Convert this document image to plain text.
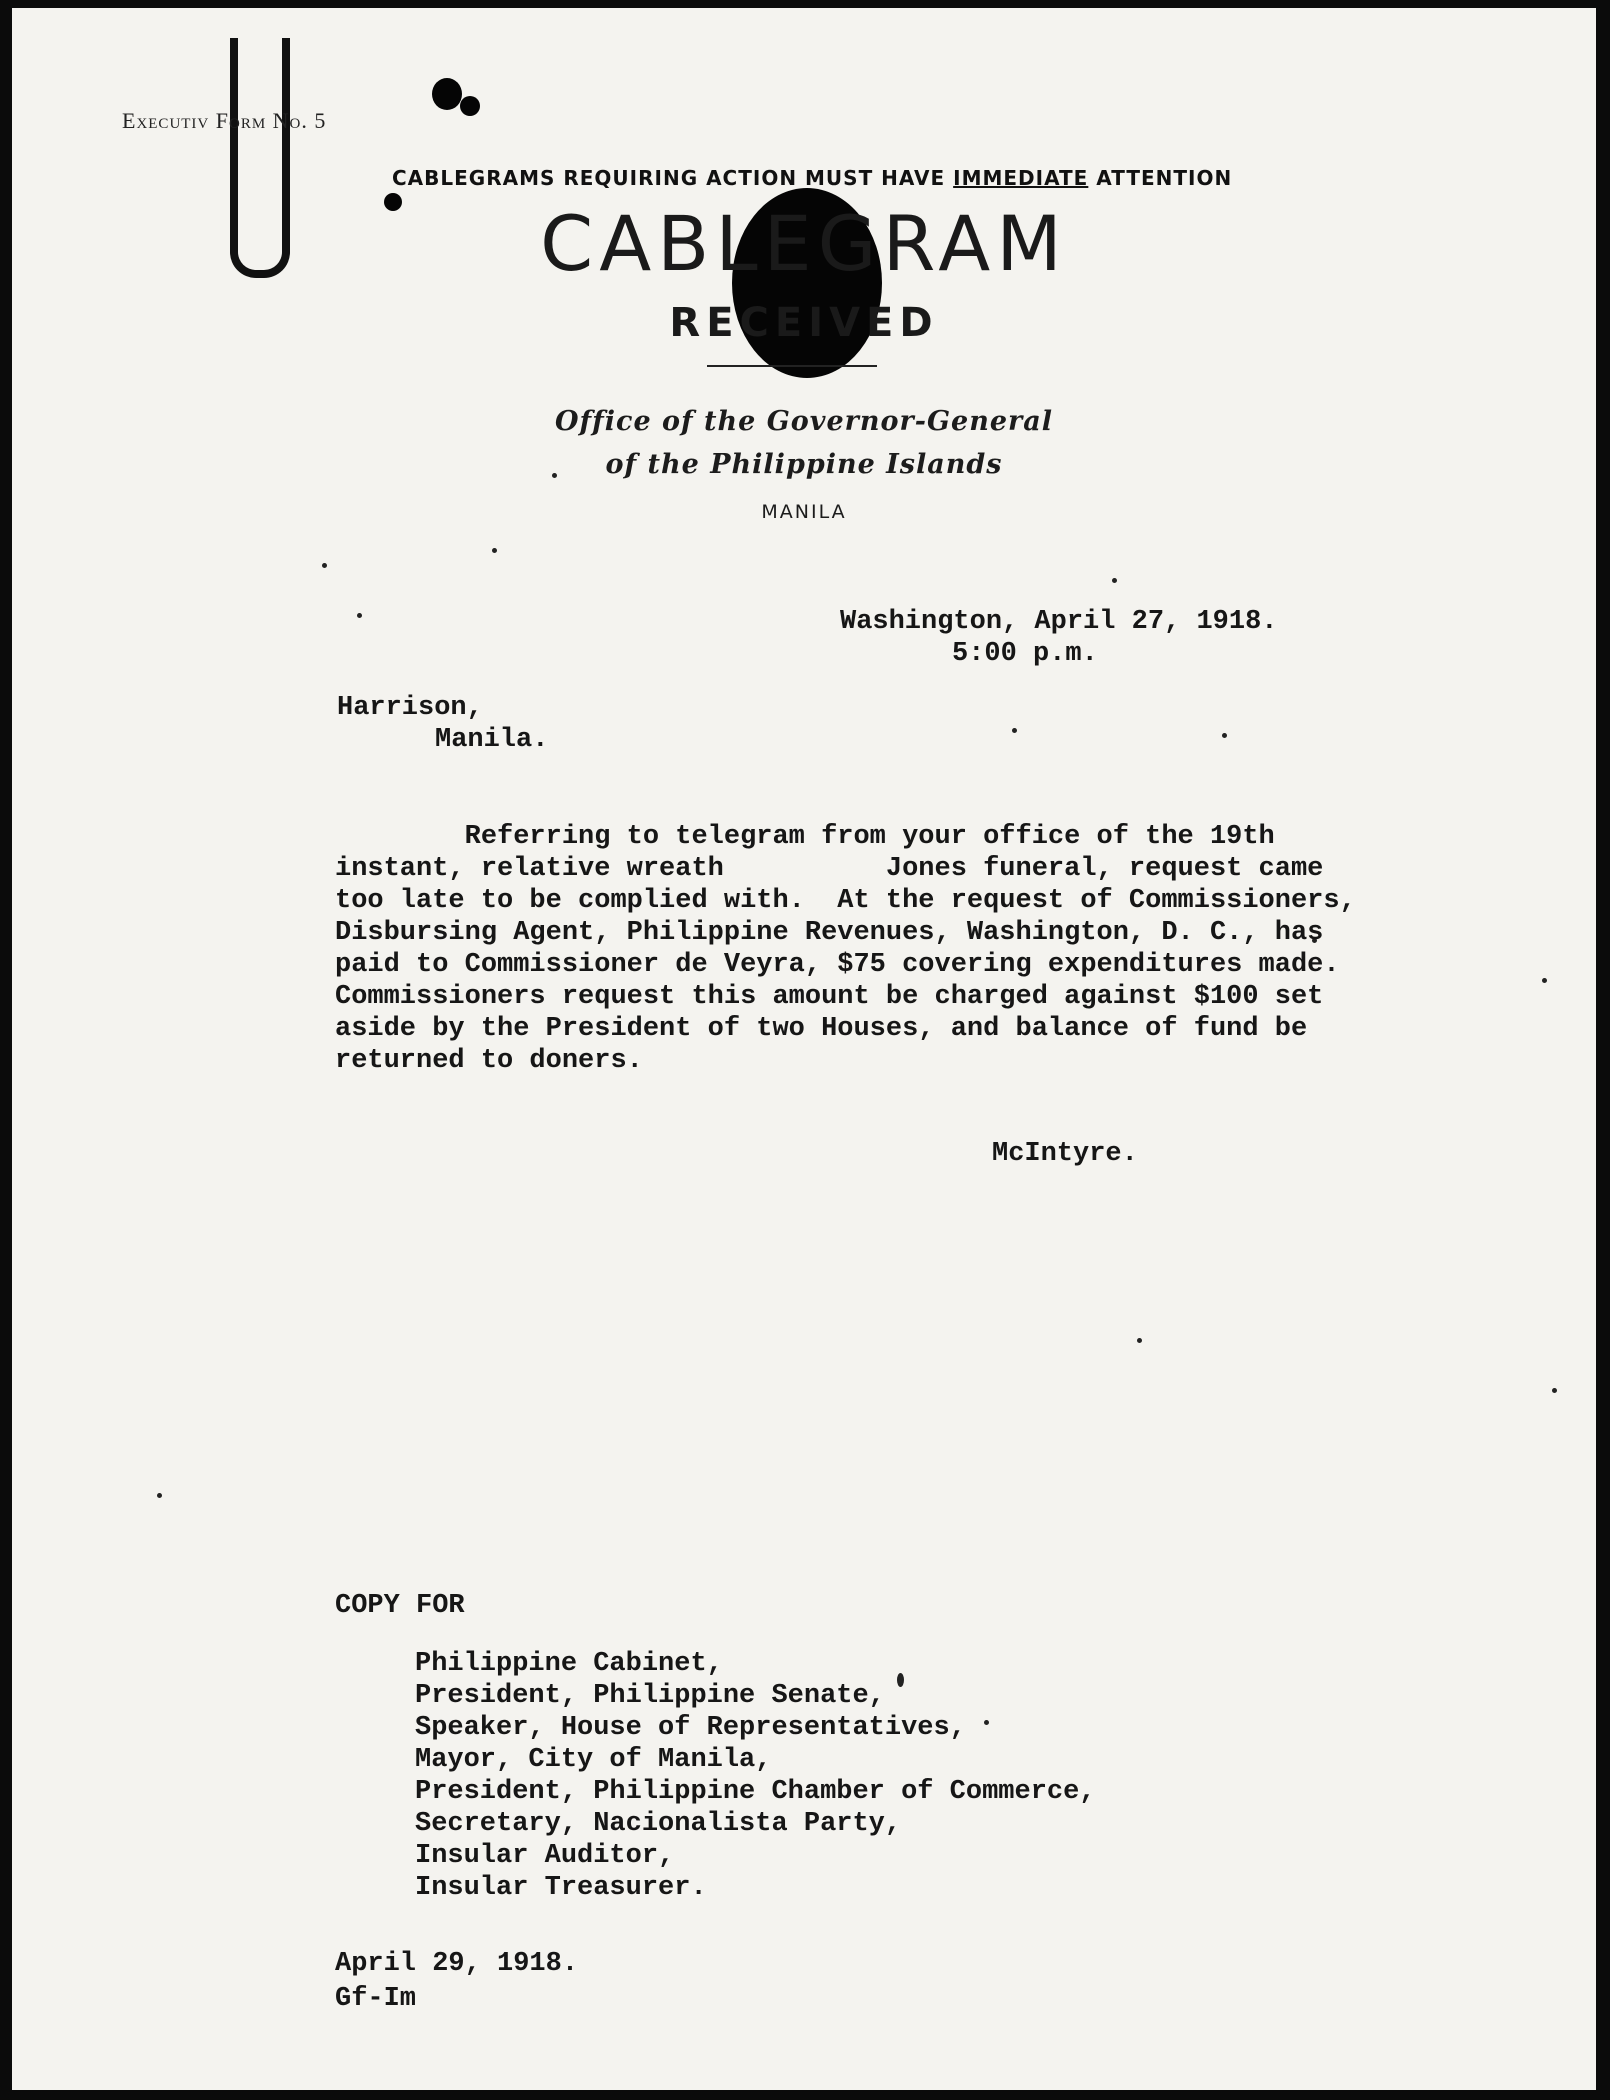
Executiv Form No. 5
CABLEGRAMS REQUIRING ACTION MUST HAVE IMMEDIATE ATTENTION
CABLEGRAM
RECEIVED
Office of the Governor-General
of the Philippine Islands
MANILA
Washington, April 27, 1918.
5:00 p.m.
Harrison,
Manila.
Referring to telegram from your office of the 19th
instant, relative wreath          Jones funeral, request came
too late to be complied with.  At the request of Commissioners,
Disbursing Agent, Philippine Revenues, Washington, D. C., has
paid to Commissioner de Veyra, $75 covering expenditures made.
Commissioners request this amount be charged against $100 set
aside by the President of two Houses, and balance of fund be
returned to doners.
McIntyre.
COPY FOR
Philippine Cabinet,
President, Philippine Senate,
Speaker, House of Representatives,
Mayor, City of Manila,
President, Philippine Chamber of Commerce,
Secretary, Nacionalista Party,
Insular Auditor,
Insular Treasurer.
April 29, 1918.
Gf-Im
